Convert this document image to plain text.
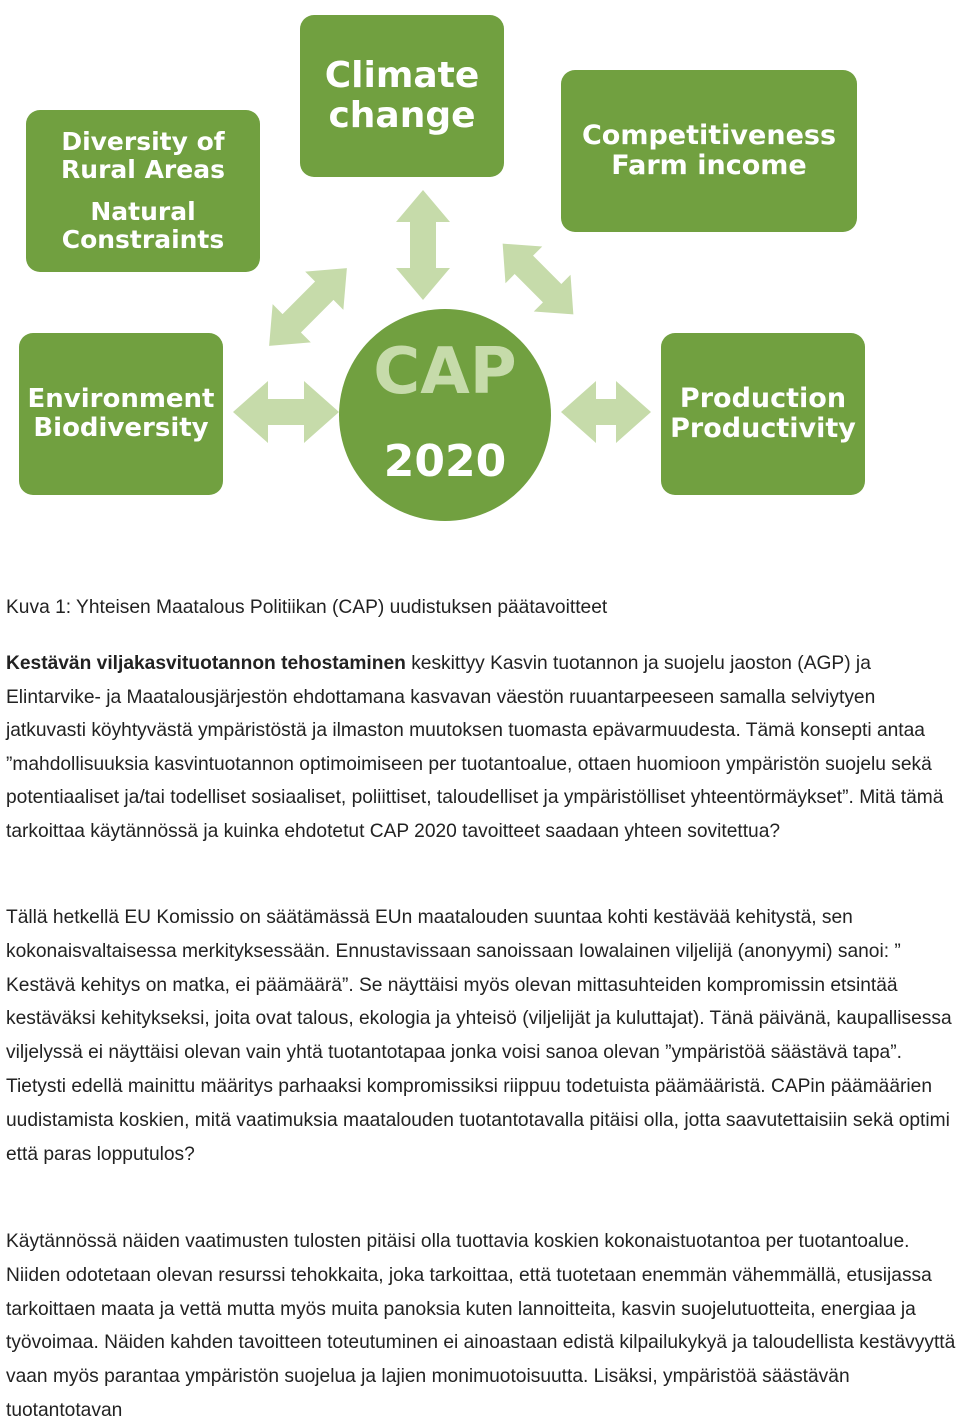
Climate
change
Diversity of
Rural Areas
Natural
Constraints
Competitiveness
Farm income
Environment
Biodiversity
Production
Productivity
CAP
2020
Kuva 1: Yhteisen Maatalous Politiikan (CAP) uudistuksen päätavoitteet

Kestävän viljakasvituotannon tehostaminen keskittyy Kasvin tuotannon ja suojelu jaoston (AGP) ja Elintarvike- ja Maatalousjärjestön ehdottamana kasvavan väestön ruuantarpeeseen samalla selviytyen jatkuvasti köyhtyvästä ympäristöstä ja ilmaston muutoksen tuomasta epävarmuudesta. Tämä konsepti antaa ”mahdollisuuksia kasvintuotannon optimoimiseen per tuotantoalue, ottaen huomioon ympäristön suojelu sekä potentiaaliset ja/tai todelliset sosiaaliset, poliittiset, taloudelliset ja ympäristölliset yhteentörmäykset”. Mitä tämä tarkoittaa käytännössä ja kuinka ehdotetut CAP 2020 tavoitteet saadaan yhteen sovitettua?

Tällä hetkellä EU Komissio on säätämässä EUn maatalouden suuntaa kohti kestävää kehitystä, sen kokonaisvaltaisessa merkityksessään. Ennustavissaan sanoissaan Iowalainen viljelijä (anonyymi) sanoi: ” Kestävä kehitys on matka, ei päämäärä”. Se näyttäisi myös olevan mittasuhteiden kompromissin etsintää kestäväksi kehitykseksi, joita ovat talous, ekologia ja yhteisö (viljelijät ja kuluttajat). Tänä päivänä, kaupallisessa viljelyssä ei näyttäisi olevan vain yhtä tuotantotapaa jonka voisi sanoa olevan ”ympäristöä säästävä tapa”. Tietysti edellä mainittu määritys parhaaksi kompromissiksi riippuu todetuista päämääristä. CAPin päämäärien uudistamista koskien, mitä vaatimuksia maatalouden tuotantotavalla pitäisi olla, jotta saavutettaisiin sekä optimi että paras lopputulos?

Käytännössä näiden vaatimusten tulosten pitäisi olla tuottavia koskien kokonaistuotantoa per tuotantoalue. Niiden odotetaan olevan resurssi tehokkaita, joka tarkoittaa, että tuotetaan enemmän vähemmällä, etusijassa tarkoittaen maata ja vettä mutta myös muita panoksia kuten lannoitteita, kasvin suojelutuotteita, energiaa ja työvoimaa. Näiden kahden tavoitteen toteutuminen ei ainoastaan edistä kilpailukykyä ja taloudellista kestävyyttä vaan myös parantaa ympäristön suojelua ja lajien monimuotoisuutta. Lisäksi, ympäristöä säästävän tuotantotavan
